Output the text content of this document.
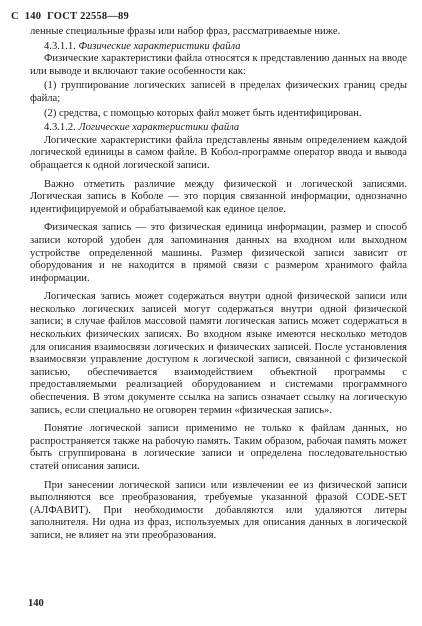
С 140 ГОСТ 22558—89

ленные специальные фразы или набор фраз, рассматриваемые ниже.

4.3.1.1. Физические характеристики файла

Физические характеристики файла относятся к представлению данных на вводе или выводе и включают такие особенности как:

(1) группирование логических записей в пределах физических границ среды файла;

(2) средства, с помощью которых файл может быть идентифицирован.

4.3.1.2. Логические характеристики файла

Логические характеристики файла представлены явным определением каждой логической единицы в самом файле. В Кобол-программе оператор ввода и вывода обращается к одной логической записи.

Важно отметить различие между физической и логической записями. Логическая запись в Коболе — это порция связанной информации, однозначно идентифицируемой и обрабатываемой как единое целое.

Физическая запись — это физическая единица информации, размер и способ записи которой удобен для запоминания данных на входном или выходном устройстве определенной машины. Размер физической записи зависит от оборудования и не находится в прямой связи с размером хранимого файла информации.

Логическая запись может содержаться внутри одной физической записи или несколько логических записей могут содержаться внутри одной физической записи; в случае файлов массовой памяти логическая запись может содержаться в нескольких физических записях. Во входном языке имеются несколько методов для описания взаимосвязи логических и физических записей. После установления взаимосвязи управление доступом к логической записи, связанной с физической записью, обеспечивается взаимодействием объектной программы с предоставляемыми реализацией оборудованием и системами программного обеспечения. В этом документе ссылка на запись означает ссылку на логическую запись, если специально не оговорен термин «физическая запись».

Понятие логической записи применимо не только к файлам данных, но распространяется также на рабочую память. Таким образом, рабочая память может быть сгруппирована в логические записи и определена последовательностью статей описания записи.

При занесении логической записи или извлечении ее из физической записи выполняются все преобразования, требуемые указанной фразой CODE-SET (АЛФАВИТ). При необходимости добавляются или удаляются литеры заполнителя. Ни одна из фраз, используемых для описания данных в логической записи, не влияет на эти преобразования.

140
